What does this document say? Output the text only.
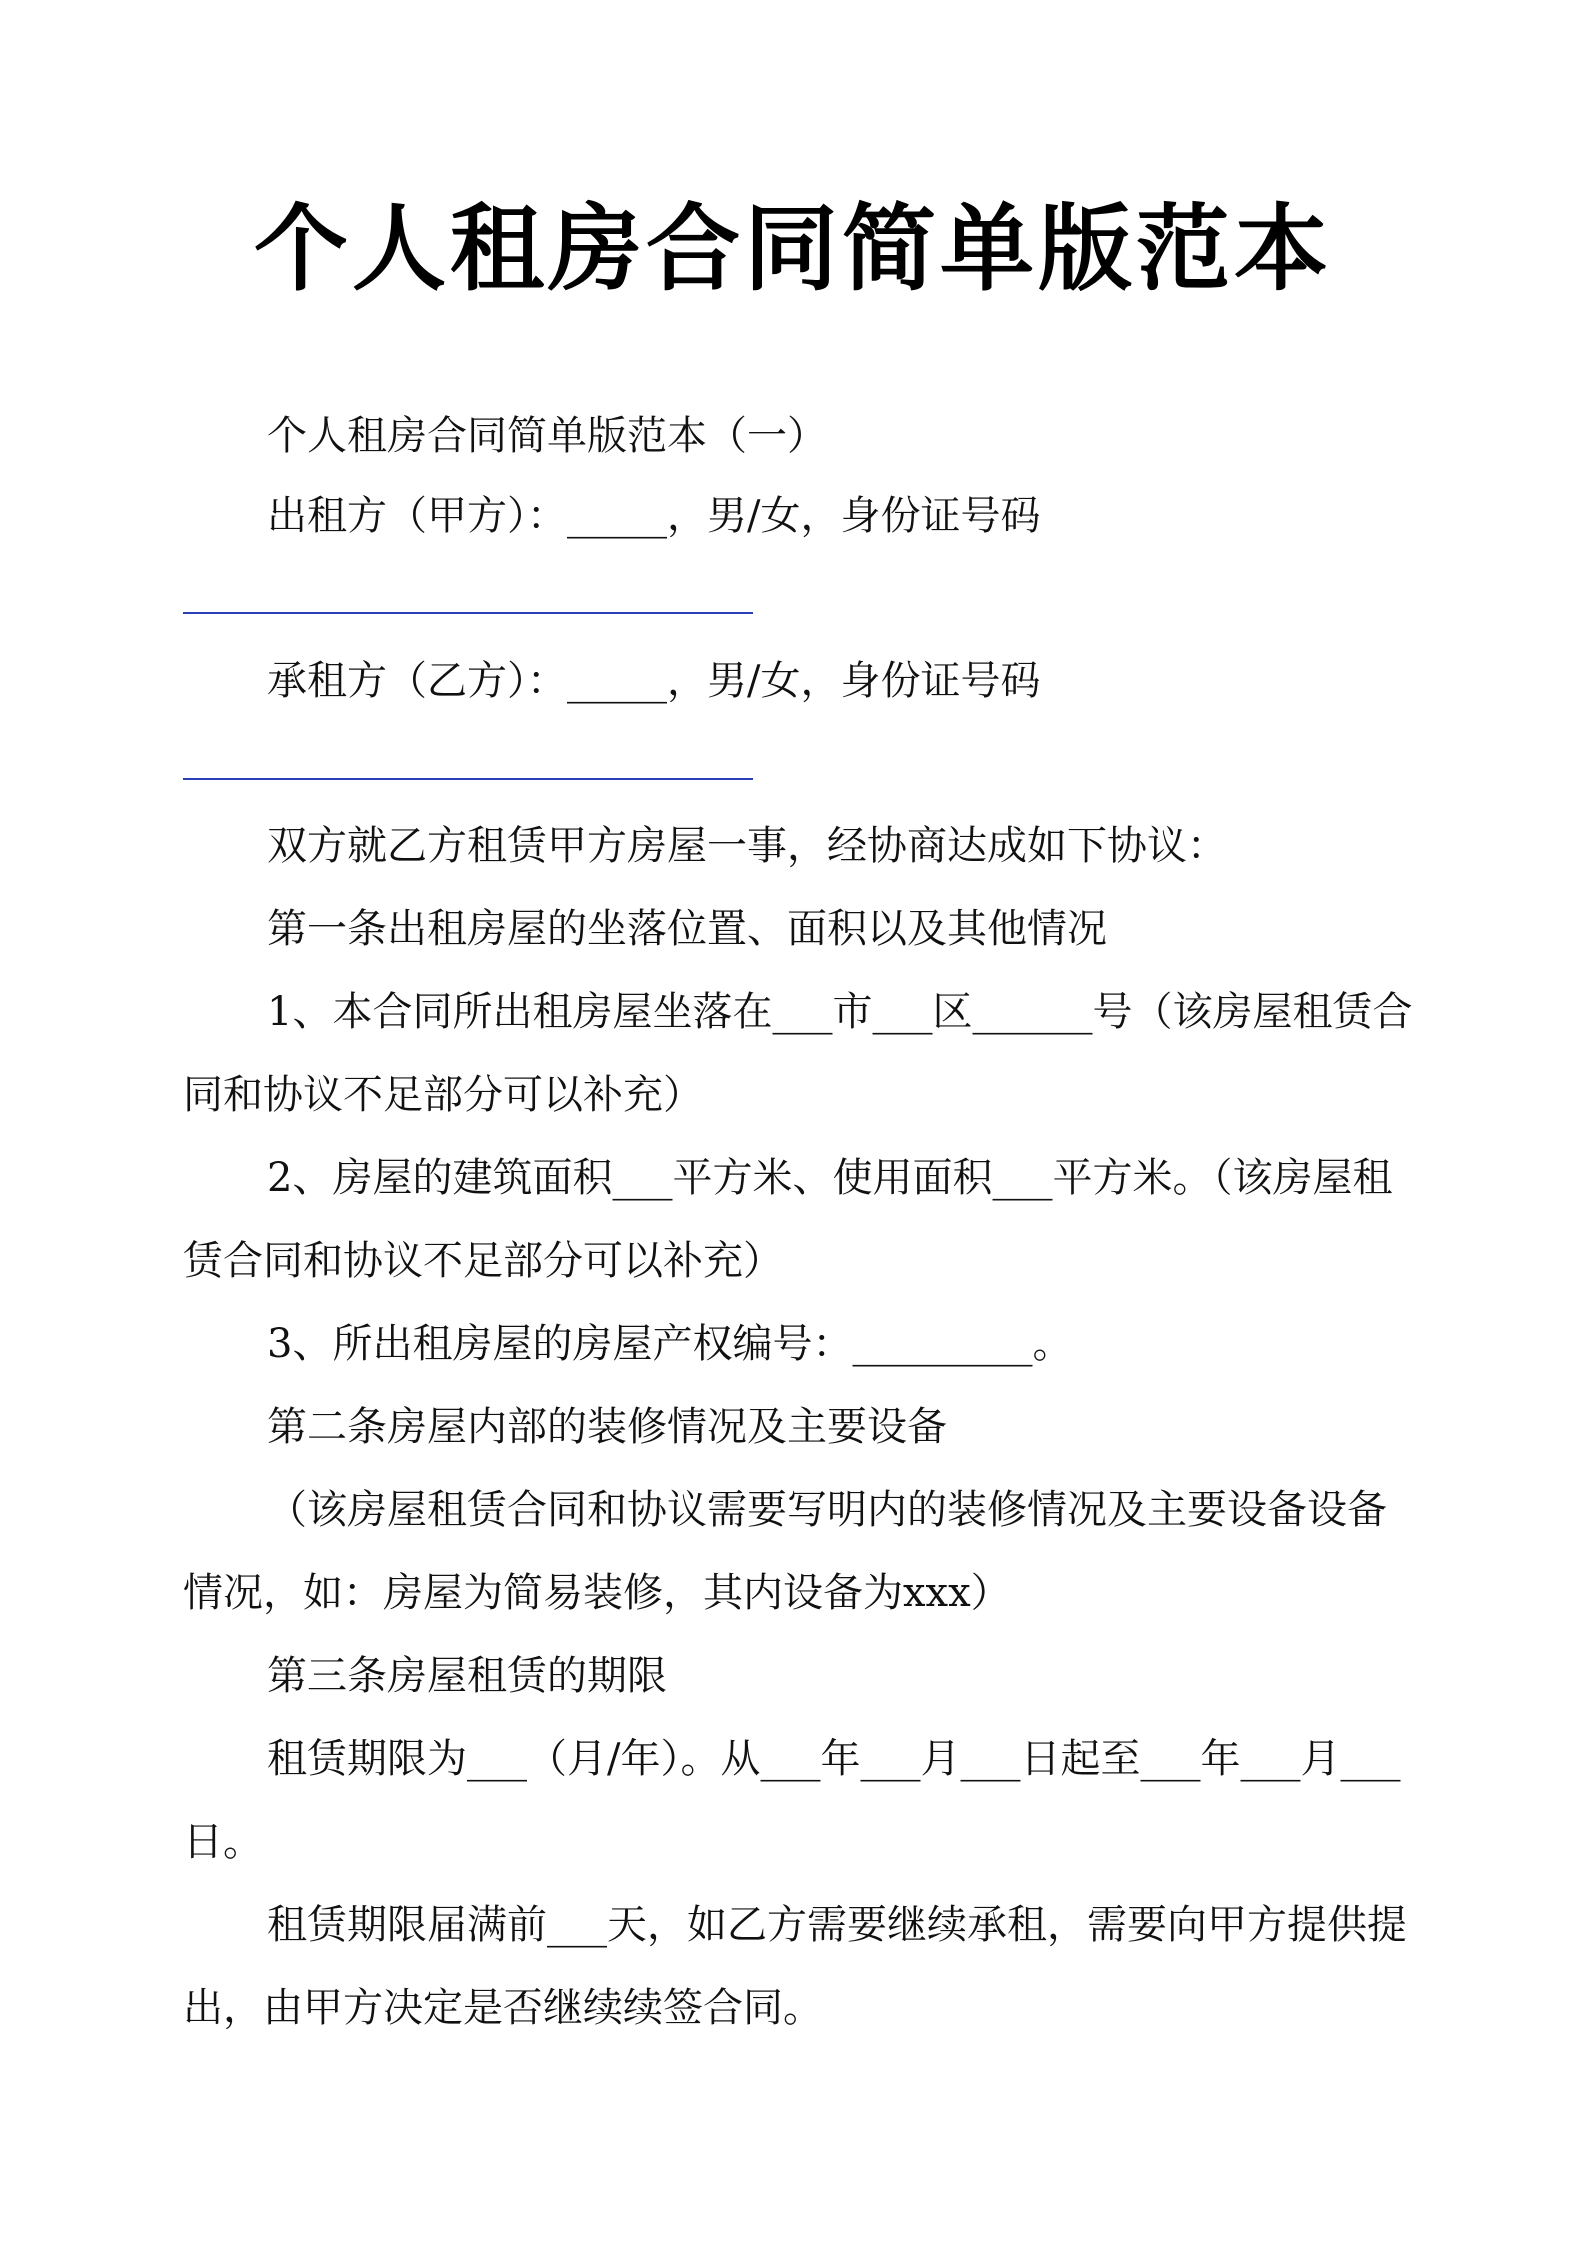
个人租房合同简单版范本

个人租房合同简单版范本（一）

出租方（甲方）：_____，男/女，身份证号码

承租方（乙方）：_____，男/女，身份证号码

双方就乙方租赁甲方房屋一事，经协商达成如下协议：

第一条出租房屋的坐落位置、面积以及其他情况

1、本合同所出租房屋坐落在___市___区______号（该房屋租赁合同和协议不足部分可以补充）

2、房屋的建筑面积___平方米、使用面积___平方米。（该房屋租赁合同和协议不足部分可以补充）

3、所出租房屋的房屋产权编号：_________。

第二条房屋内部的装修情况及主要设备

（该房屋租赁合同和协议需要写明内的装修情况及主要设备设备情况，如：房屋为简易装修，其内设备为xxx）

第三条房屋租赁的期限

租赁期限为___（月/年）。从___年___月___日起至___年___月___日。

租赁期限届满前___天，如乙方需要继续承租，需要向甲方提供提出，由甲方决定是否继续续签合同。
